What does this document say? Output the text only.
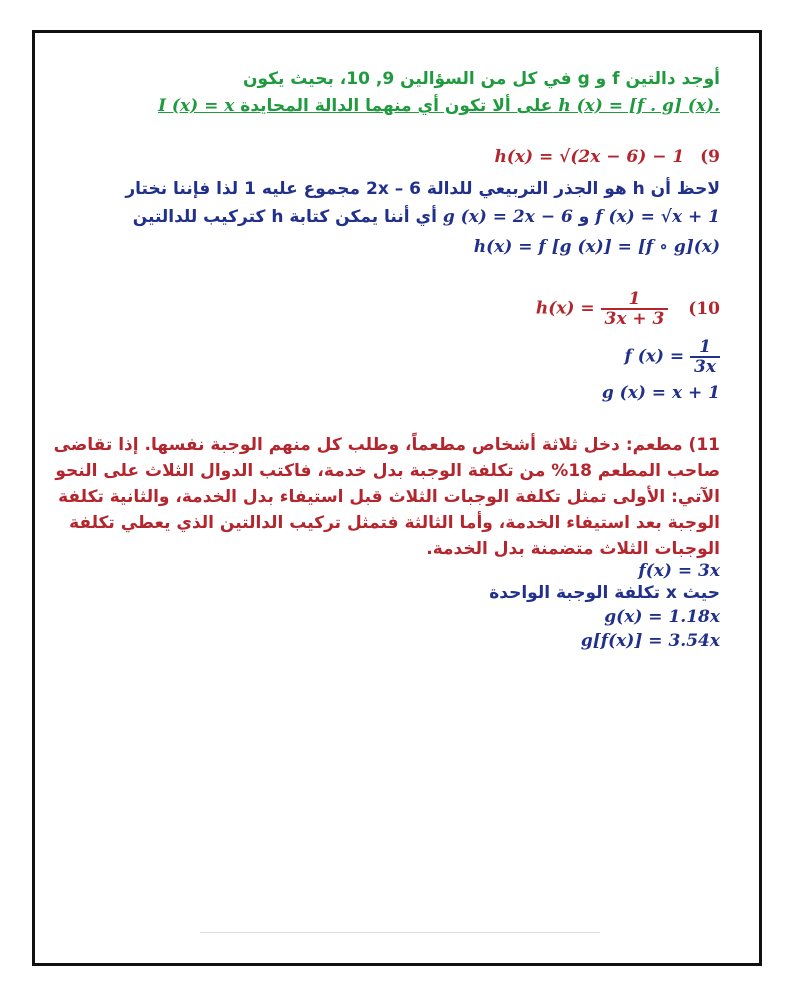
أوجد دالتين f و g في كل من السؤالين 9, 10، بحيث يكون
I (x) = x على ألا تكون أي منهما الدالة المحايدة h (x) = [f . g] (x).
h(x) = √(2x − 6) − 1 (9
لاحظ أن h هو الجذر التربيعي للدالة 6 – 2x مجموع عليه 1 لذا فإننا نختار
أي أننا يمكن كتابة h كتركيب للدالتين g (x) = 2x − 6 و f (x) = √x + 1
h(x) = f [g (x)] = [f ∘ g](x)
$h(x) = \frac{1}{3x + 3} (10$
f $(x) = \frac{1}{3x}$
g (x) = x + 1
11) مطعم: دخل ثلاثة أشخاص مطعماً، وطلب كل منهم الوجبة نفسها. إذا تقاضى
صاحب المطعم 18% من تكلفة الوجبة بدل خدمة، فاكتب الدوال الثلاث على النحو
الآتي: الأولى تمثل تكلفة الوجبات الثلاث قبل استيفاء بدل الخدمة، والثانية تكلفة
الوجبة بعد استيفاء الخدمة، وأما الثالثة فتمثل تركيب الدالتين الذي يعطي تكلفة
الوجبات الثلاث متضمنة بدل الخدمة.
f(x) = 3x
حيث x تكلفة الوجبة الواحدة
g(x) = 1.18x
g[f(x)] = 3.54x
